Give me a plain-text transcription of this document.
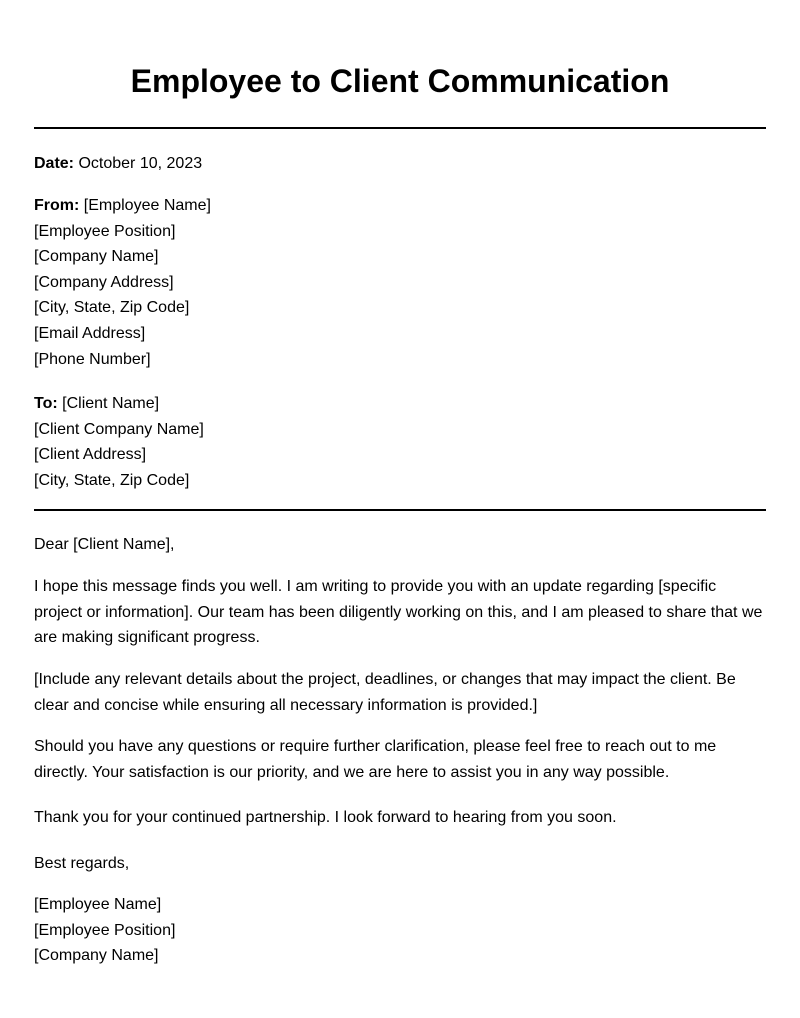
Employee to Client Communication
Date: October 10, 2023
From: [Employee Name]
[Employee Position]
[Company Name]
[Company Address]
[City, State, Zip Code]
[Email Address]
[Phone Number]
To: [Client Name]
[Client Company Name]
[Client Address]
[City, State, Zip Code]
Dear [Client Name],
I hope this message finds you well. I am writing to provide you with an update regarding [specific project or information]. Our team has been diligently working on this, and I am pleased to share that we are making significant progress.
[Include any relevant details about the project, deadlines, or changes that may impact the client. Be clear and concise while ensuring all necessary information is provided.]
Should you have any questions or require further clarification, please feel free to reach out to me directly. Your satisfaction is our priority, and we are here to assist you in any way possible.
Thank you for your continued partnership. I look forward to hearing from you soon.
Best regards,
[Employee Name]
[Employee Position]
[Company Name]
